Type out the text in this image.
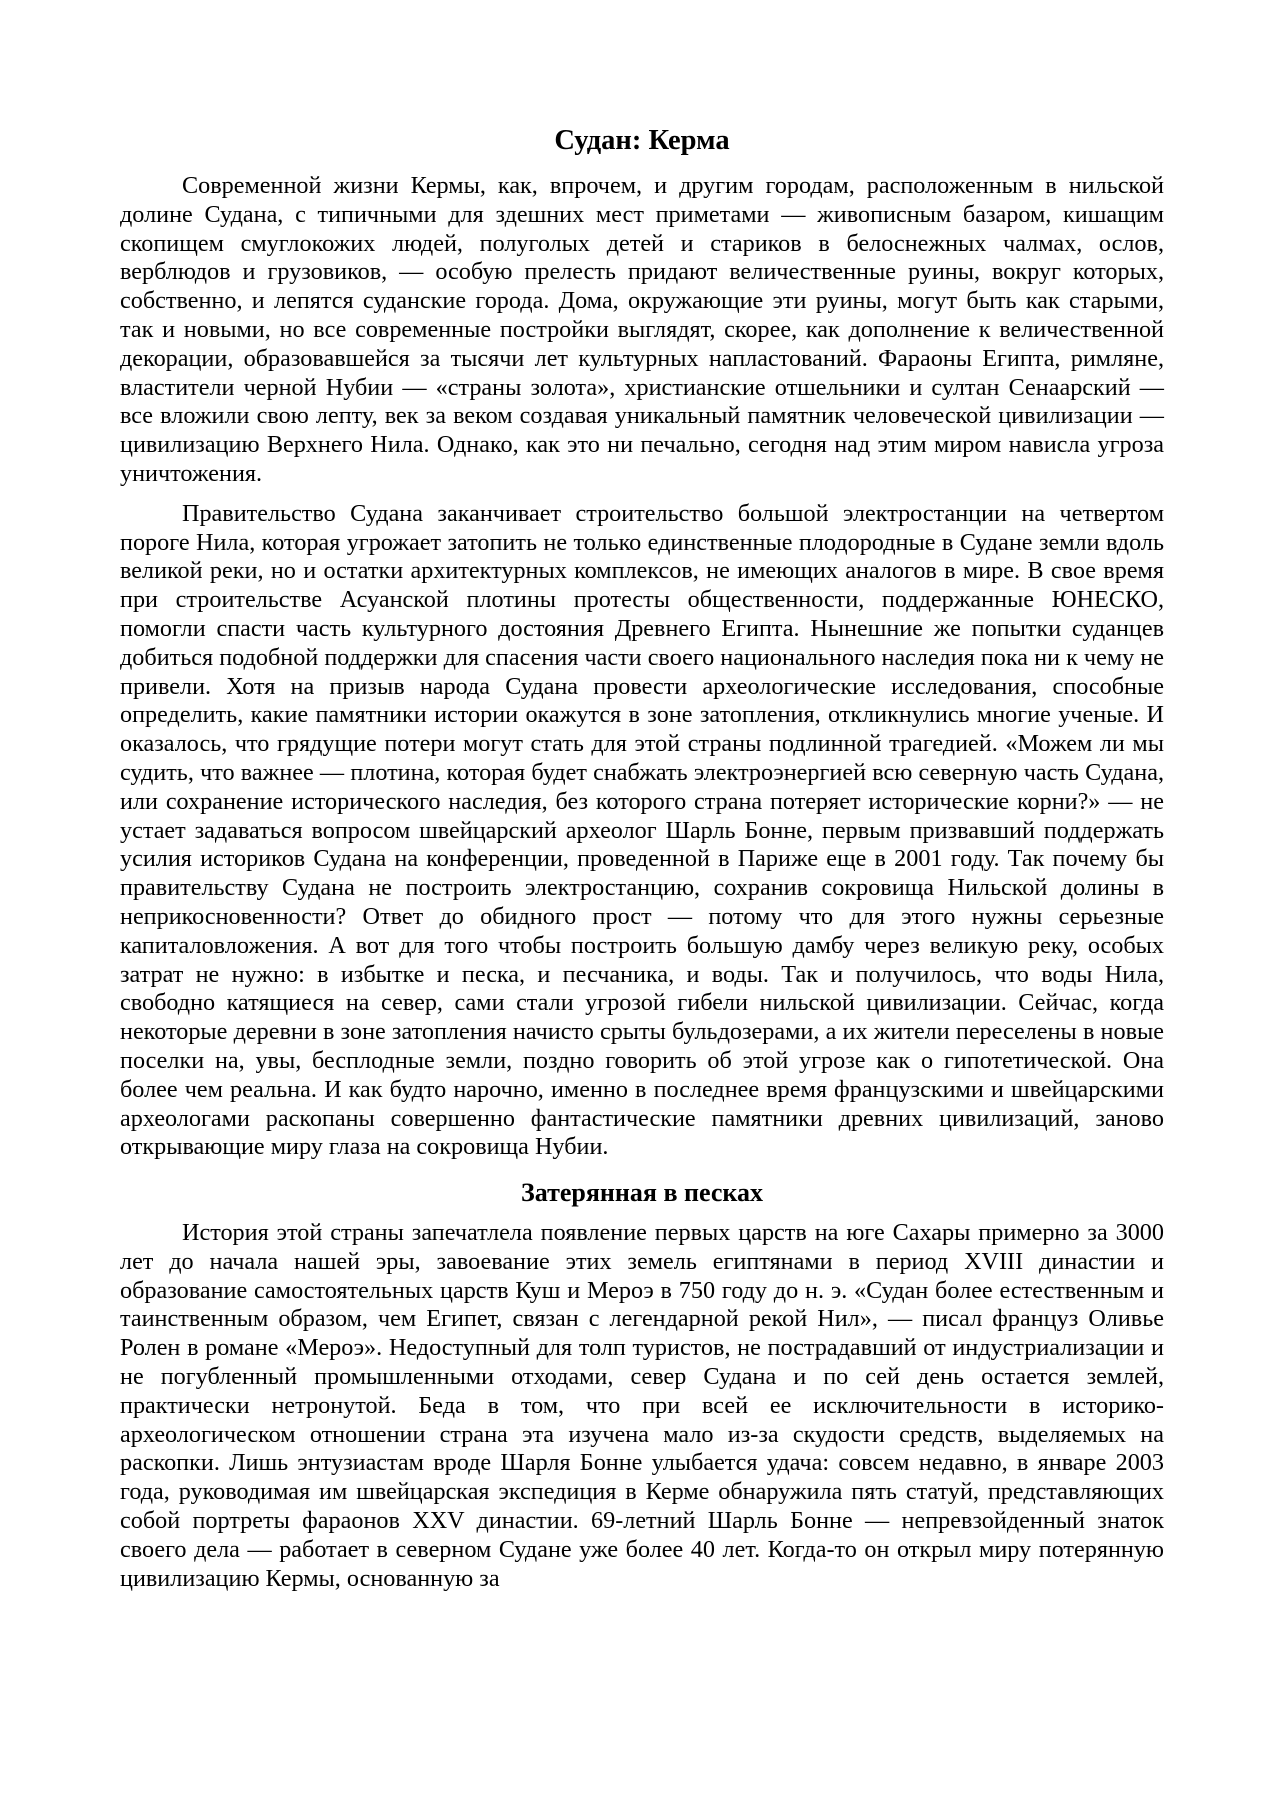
Судан: Керма

Современной жизни Кермы, как, впрочем, и другим городам, расположенным в нильской долине Судана, с типичными для здешних мест приметами — живописным базаром, кишащим скопищем смуглокожих людей, полуголых детей и стариков в белоснежных чалмах, ослов, верблюдов и грузовиков, — особую прелесть придают величественные руины, вокруг которых, собственно, и лепятся суданские города. Дома, окружающие эти руины, могут быть как старыми, так и новыми, но все современные постройки выглядят, скорее, как дополнение к величественной декорации, образовавшейся за тысячи лет культурных напластований. Фараоны Египта, римляне, властители черной Нубии — «страны золота», христианские отшельники и султан Сенаарский — все вложили свою лепту, век за веком создавая уникальный памятник человеческой цивилизации — цивилизацию Верхнего Нила. Однако, как это ни печально, сегодня над этим миром нависла угроза уничтожения.

Правительство Судана заканчивает строительство большой электростанции на четвертом пороге Нила, которая угрожает затопить не только единственные плодородные в Судане земли вдоль великой реки, но и остатки архитектурных комплексов, не имеющих аналогов в мире. В свое время при строительстве Асуанской плотины протесты общественности, поддержанные ЮНЕСКО, помогли спасти часть культурного достояния Древнего Египта. Нынешние же попытки суданцев добиться подобной поддержки для спасения части своего национального наследия пока ни к чему не привели. Хотя на призыв народа Судана провести археологические исследования, способные определить, какие памятники истории окажутся в зоне затопления, откликнулись многие ученые. И оказалось, что грядущие потери могут стать для этой страны подлинной трагедией. «Можем ли мы судить, что важнее — плотина, которая будет снабжать электроэнергией всю северную часть Судана, или сохранение исторического наследия, без которого страна потеряет исторические корни?» — не устает задаваться вопросом швейцарский археолог Шарль Бонне, первым призвавший поддержать усилия историков Судана на конференции, проведенной в Париже еще в 2001 году. Так почему бы правительству Судана не построить электростанцию, сохранив сокровища Нильской долины в неприкосновенности? Ответ до обидного прост — потому что для этого нужны серьезные капиталовложения. А вот для того чтобы построить большую дамбу через великую реку, особых затрат не нужно: в избытке и песка, и песчаника, и воды. Так и получилось, что воды Нила, свободно катящиеся на север, сами стали угрозой гибели нильской цивилизации. Сейчас, когда некоторые деревни в зоне затопления начисто срыты бульдозерами, а их жители переселены в новые поселки на, увы, бесплодные земли, поздно говорить об этой угрозе как о гипотетической. Она более чем реальна. И как будто нарочно, именно в последнее время французскими и швейцарскими археологами раскопаны совершенно фантастические памятники древних цивилизаций, заново открывающие миру глаза на сокровища Нубии.

Затерянная в песках

История этой страны запечатлела появление первых царств на юге Сахары примерно за 3000 лет до начала нашей эры, завоевание этих земель египтянами в период XVIII династии и образование самостоятельных царств Куш и Мероэ в 750 году до н. э. «Судан более естественным и таинственным образом, чем Египет, связан с легендарной рекой Нил», — писал француз Оливье Ролен в романе «Мероэ». Недоступный для толп туристов, не пострадавший от индустриализации и не погубленный промышленными отходами, север Судана и по сей день остается землей, практически нетронутой. Беда в том, что при всей ее исключительности в историко-археологическом отношении страна эта изучена мало из-за скудости средств, выделяемых на раскопки. Лишь энтузиастам вроде Шарля Бонне улыбается удача: совсем недавно, в январе 2003 года, руководимая им швейцарская экспедиция в Керме обнаружила пять статуй, представляющих собой портреты фараонов XXV династии. 69-летний Шарль Бонне — непревзойденный знаток своего дела — работает в северном Судане уже более 40 лет. Когда-то он открыл миру потерянную цивилизацию Кермы, основанную за
